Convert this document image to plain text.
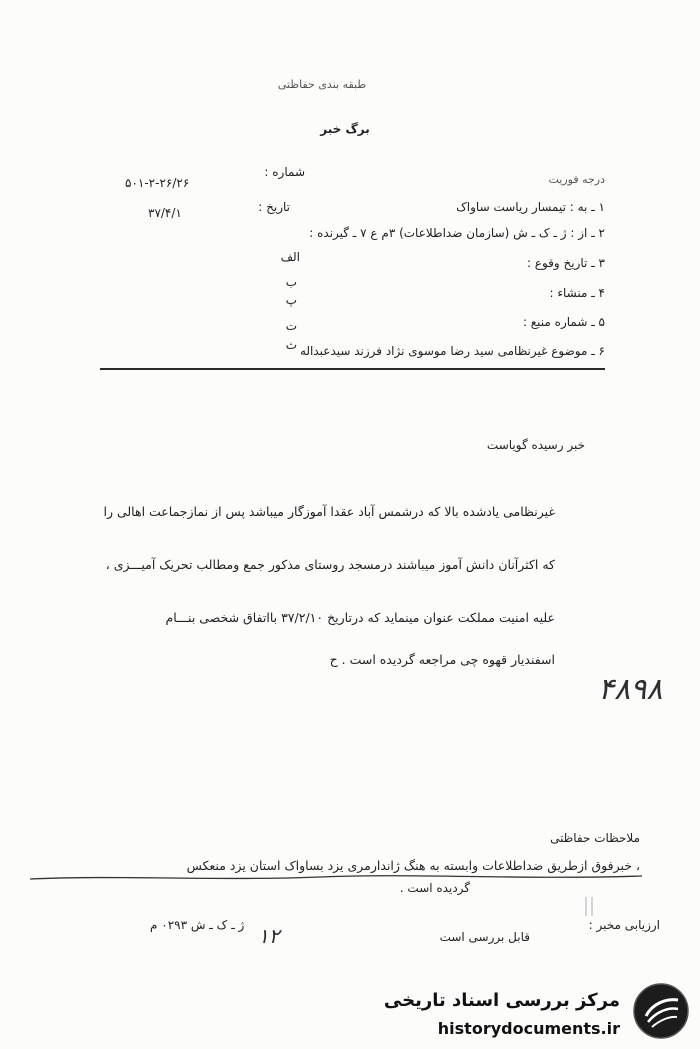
طبقه بندی حفاظتی
برگ خبر
درجه فوریت
شماره :
۵۰۱-۲-۲۶/۲۶
تاریخ :
۳۷/۴/۱	۱ ـ به : تیمسار ریاست ساواک
۲ ـ از : ژ ـ ک ـ ش (سازمان ضداطلاعات) ۳م ع ۷ ـ گیرنده :
۳ ـ تاریخ وقوع :
۴ ـ منشاء :
۵ ـ شماره منبع :
۶ ـ موضوع غیرنظامی سید رضا موسوی نژاد فرزند سیدعبداله
الف
ب
پ
ت
ث
خبر رسیده گویاست
غیرنظامی یادشده بالا که درشمس آباد عقدا آموزگار میباشد پس از نمازجماعت اهالی را
که اکثرآنان دانش آموز میباشند درمسجد روستای مذکور جمع ومطالب تحریک آمیـــزی ،
علیه امنیت مملکت عنوان مینماید که درتاریخ ۳۷/۲/۱۰ بااتفاق شخصی بنـــام
اسفندیار قهوه چی مراجعه گردیده است . ح
۴۸۹۸
ملاحظات حفاظتی
، خبرفوق ازطریق ضداطلاعات وابسته به هنگ ژاندارمری یزد بساواک استان یزد منعکس
گردیده است .
ارزیابی مخبر :
قابل بررسی است
ژ ـ ک ـ ش ۰۲۹۳ م ۱۲
مرکز بررسی اسناد تاریخی
historydocuments.ir
